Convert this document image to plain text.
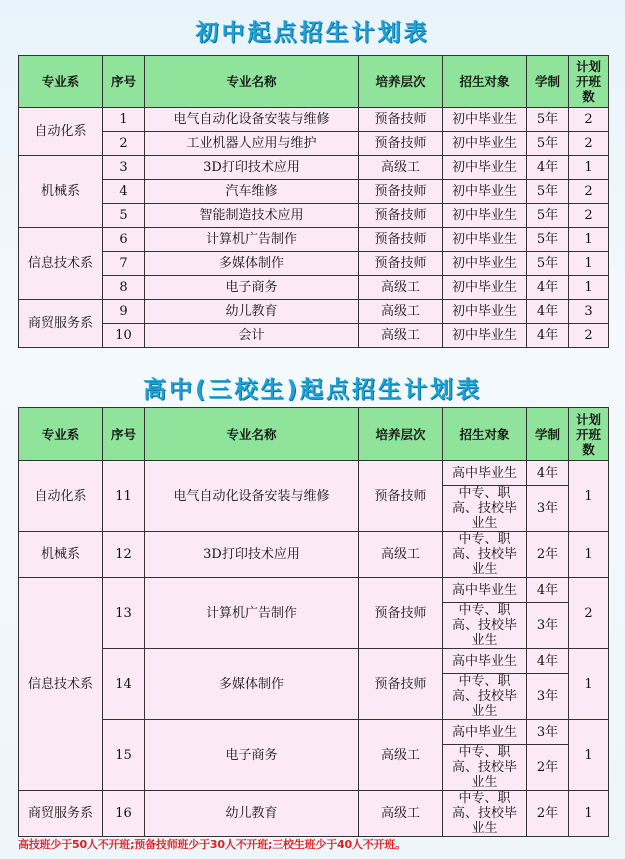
初中起点招生计划表
专业系	序号	专业名称	培养层次	招生对象	学制	计划开班数
自动化系	1	电气自动化设备安装与维修	预备技师	初中毕业生	5年	2
	2	工业机器人应用与维护	预备技师	初中毕业生	5年	2
机械系	3	3D打印技术应用	高级工	初中毕业生	4年	1
	4	汽车维修	预备技师	初中毕业生	5年	2
	5	智能制造技术应用	预备技师	初中毕业生	5年	2
信息技术系	6	计算机广告制作	预备技师	初中毕业生	5年	1
	7	多媒体制作	预备技师	初中毕业生	5年	1
	8	电子商务	高级工	初中毕业生	4年	1
商贸服务系	9	幼儿教育	高级工	初中毕业生	4年	3
	10	会计	高级工	初中毕业生	4年	2
高中(三校生)起点招生计划表
专业系	序号	专业名称	培养层次	招生对象	学制	计划开班数
自动化系	11	电气自动化设备安装与维修	预备技师	高中毕业生	4年	1
				中专、职高、技校毕业生	3年	
机械系	12	3D打印技术应用	高级工	中专、职高、技校毕业生	2年	1
信息技术系	13	计算机广告制作	预备技师	高中毕业生	4年	2
				中专、职高、技校毕业生	3年	
	14	多媒体制作	预备技师	高中毕业生	4年	1
				中专、职高、技校毕业生	3年	
	15	电子商务	高级工	高中毕业生	3年	1
				中专、职高、技校毕业生	2年	
商贸服务系	16	幼儿教育	高级工	中专、职高、技校毕业生	2年	1
高技班少于50人不开班;预备技师班少于30人不开班;三校生班少于40人不开班。
